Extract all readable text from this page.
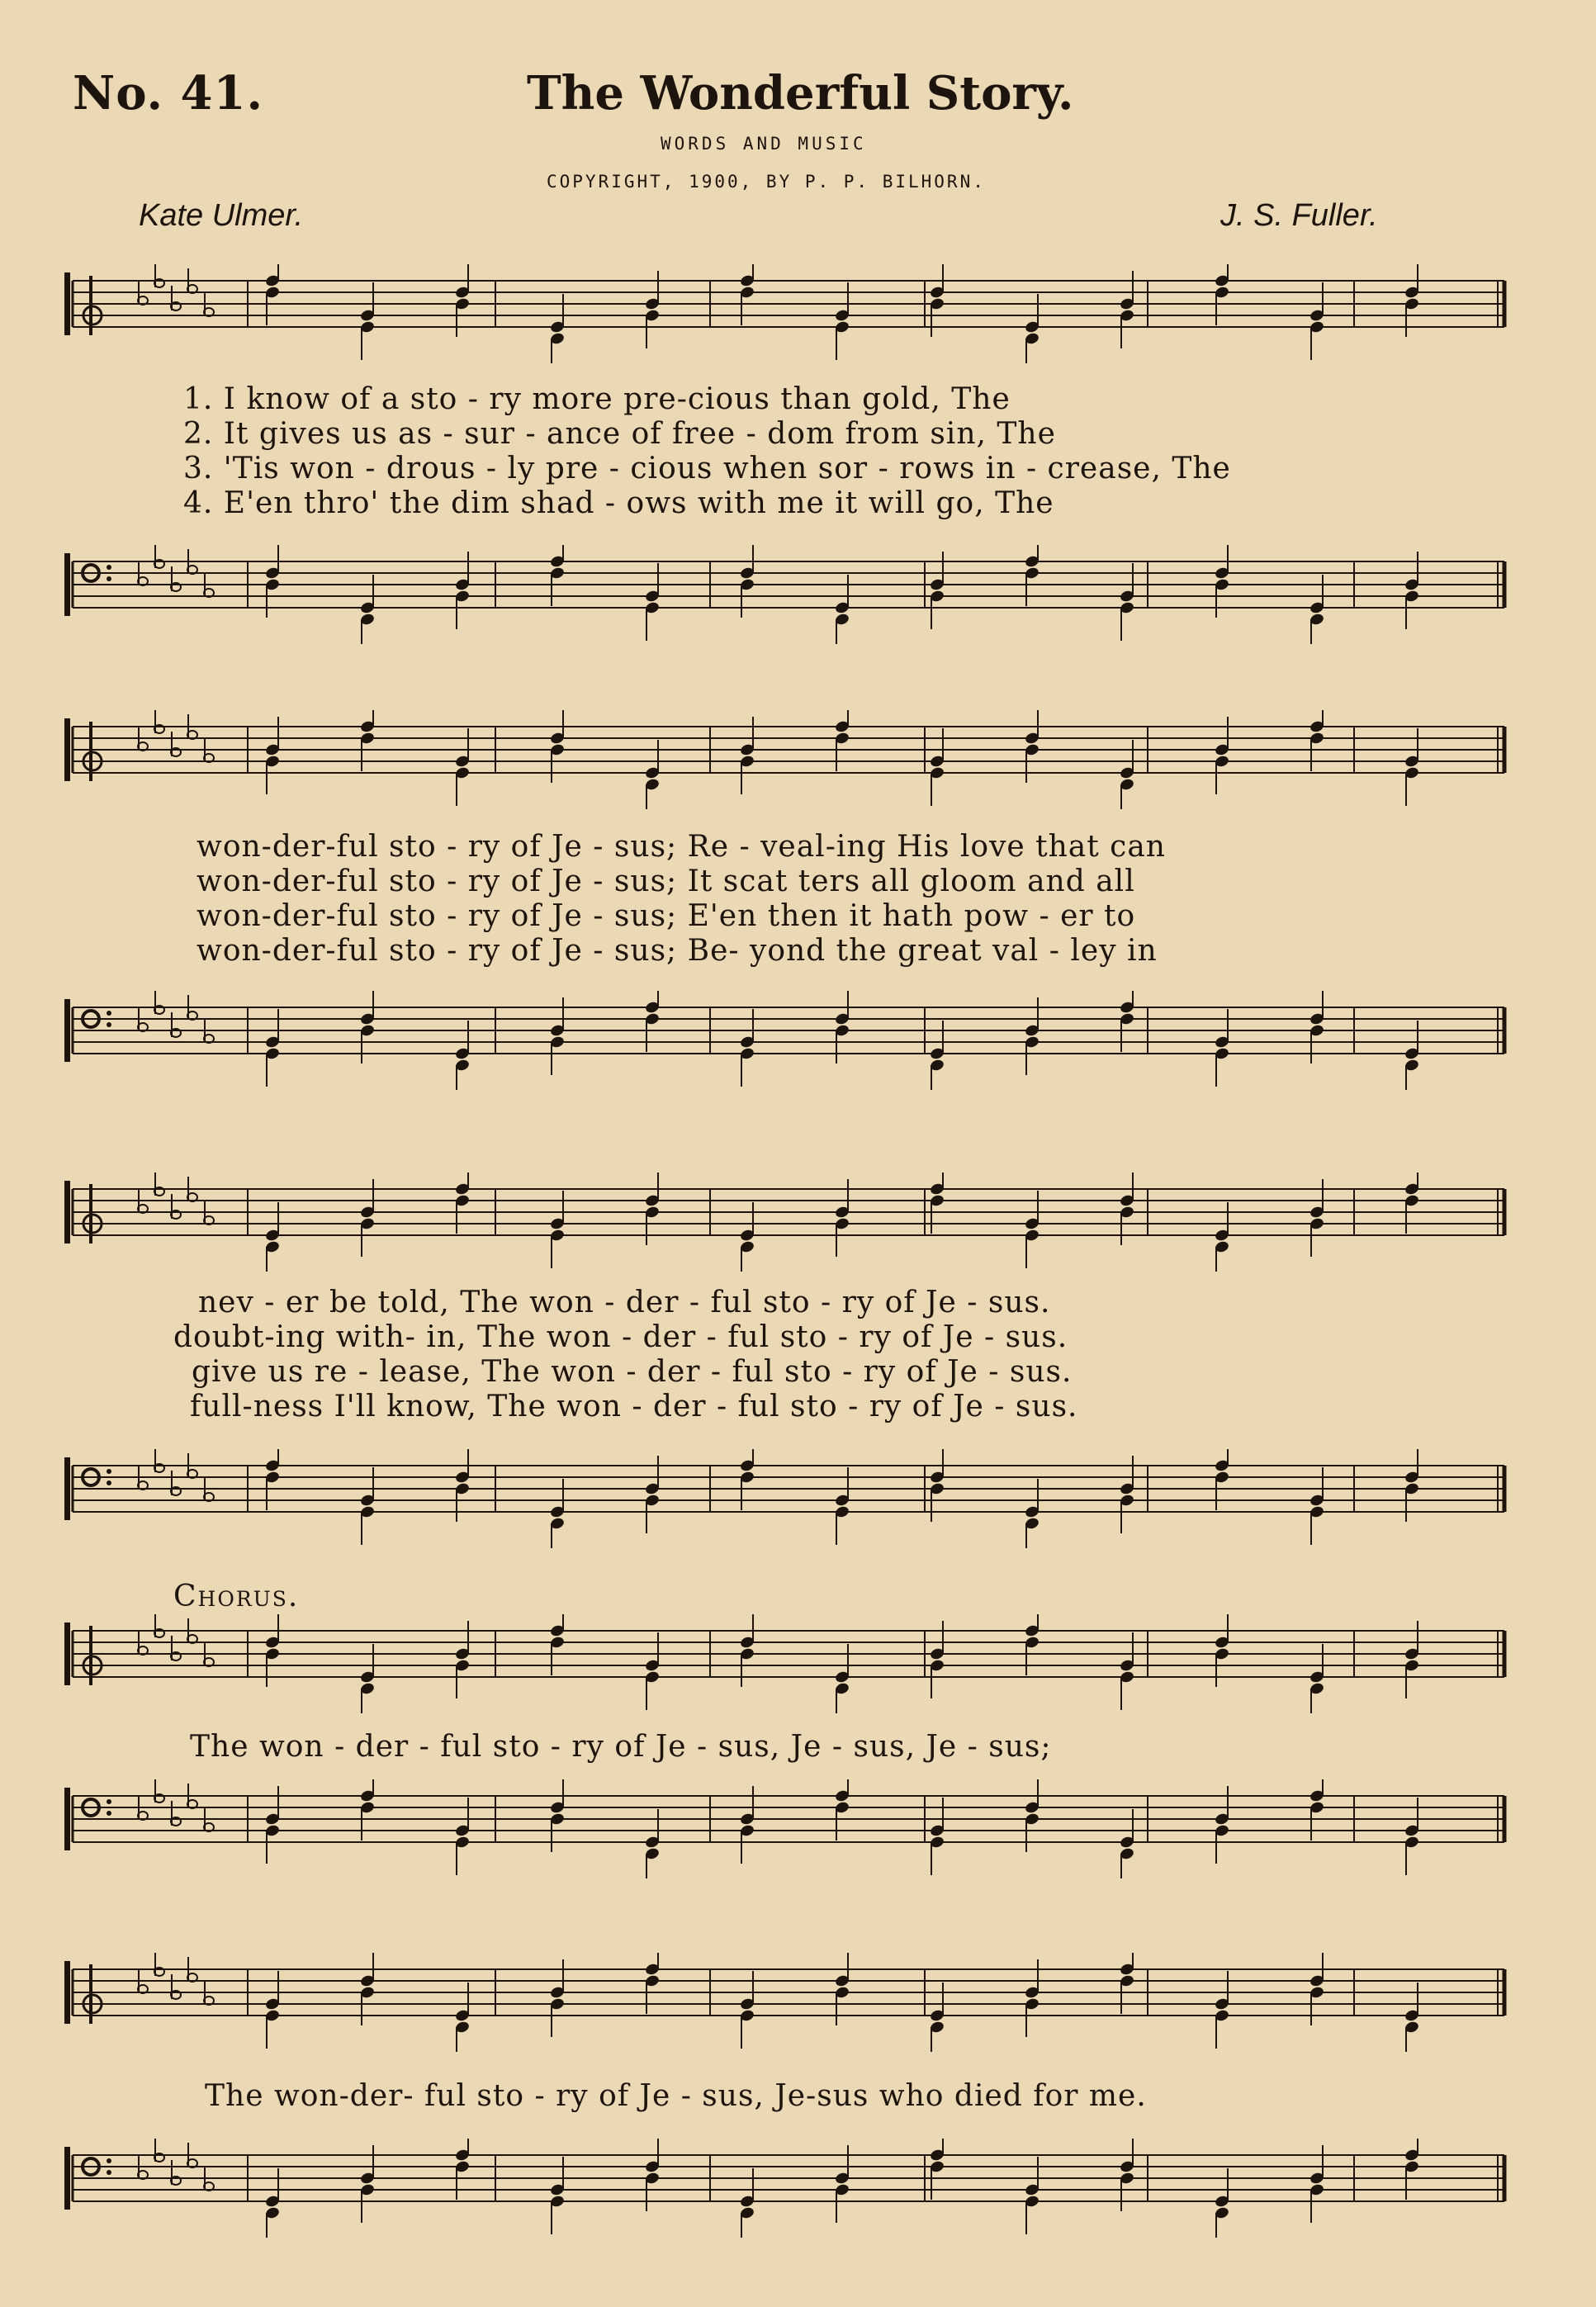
No. 41.	The Wonderful Story.
WORDS AND MUSIC
COPYRIGHT, 1900, BY P. P. BILHORN.
Kate Ulmer.	J. S. Fuller.
1. I know of a sto - ry more pre-cious than gold, The
2. It gives us as - sur - ance of free - dom from sin, The
3. 'Tis won - drous - ly pre - cious when sor - rows in - crease, The
4. E'en thro' the dim shad - ows with me it will go, The
won-der-ful sto - ry of Je - sus; Re - veal-ing His love that can
won-der-ful sto - ry of Je - sus; It scat ters all gloom and all
won-der-ful sto - ry of Je - sus; E'en then it hath pow - er to
won-der-ful sto - ry of Je - sus; Be- yond the great val - ley in
nev - er be told, The won - der - ful sto - ry of Je - sus.
doubt-ing with- in, The won - der - ful sto - ry of Je - sus.
give us re - lease, The won - der - ful sto - ry of Je - sus.
full-ness I'll know, The won - der - ful sto - ry of Je - sus.
Chorus.
The won - der - ful sto - ry of Je - sus, Je - sus, Je - sus;
The won-der- ful sto - ry of Je - sus, Je-sus who died for me.
